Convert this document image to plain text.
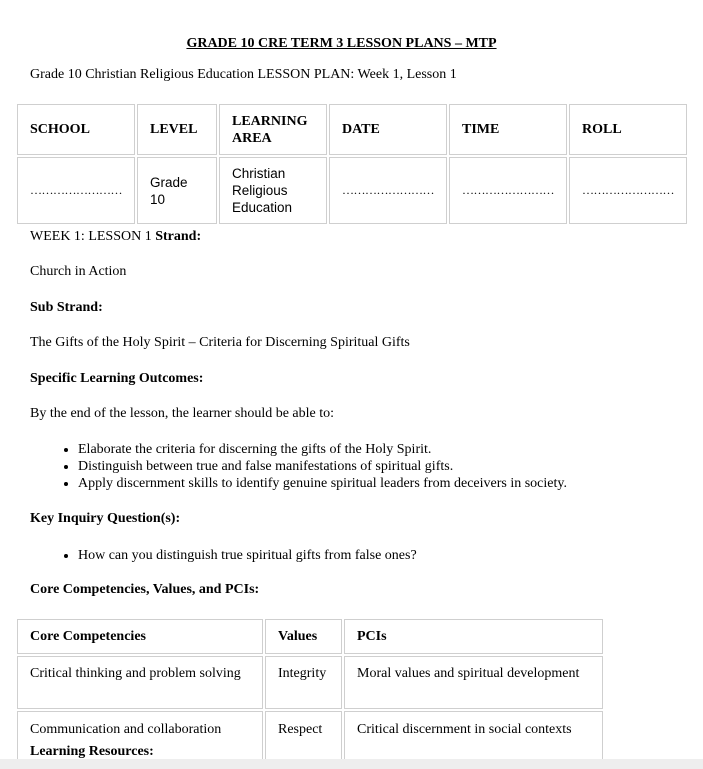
GRADE 10 CRE TERM 3 LESSON PLANS – MTP
Grade 10 Christian Religious Education LESSON PLAN: Week 1, Lesson 1
SCHOOL	LEVEL	LEARNING AREA	DATE	TIME	ROLL
……………………	Grade 10	Christian Religious Education	……………………	……………………	……………………
WEEK 1: LESSON 1 Strand:
Church in Action
Sub Strand:
The Gifts of the Holy Spirit – Criteria for Discerning Spiritual Gifts
Specific Learning Outcomes:
By the end of the lesson, the learner should be able to:
• Elaborate the criteria for discerning the gifts of the Holy Spirit.
• Distinguish between true and false manifestations of spiritual gifts.
• Apply discernment skills to identify genuine spiritual leaders from deceivers in society.
Key Inquiry Question(s):
• How can you distinguish true spiritual gifts from false ones?
Core Competencies, Values, and PCIs:
Core Competencies	Values	PCIs
Critical thinking and problem solving	Integrity	Moral values and spiritual development
Communication and collaboration	Respect	Critical discernment in social contexts
Learning Resources:
